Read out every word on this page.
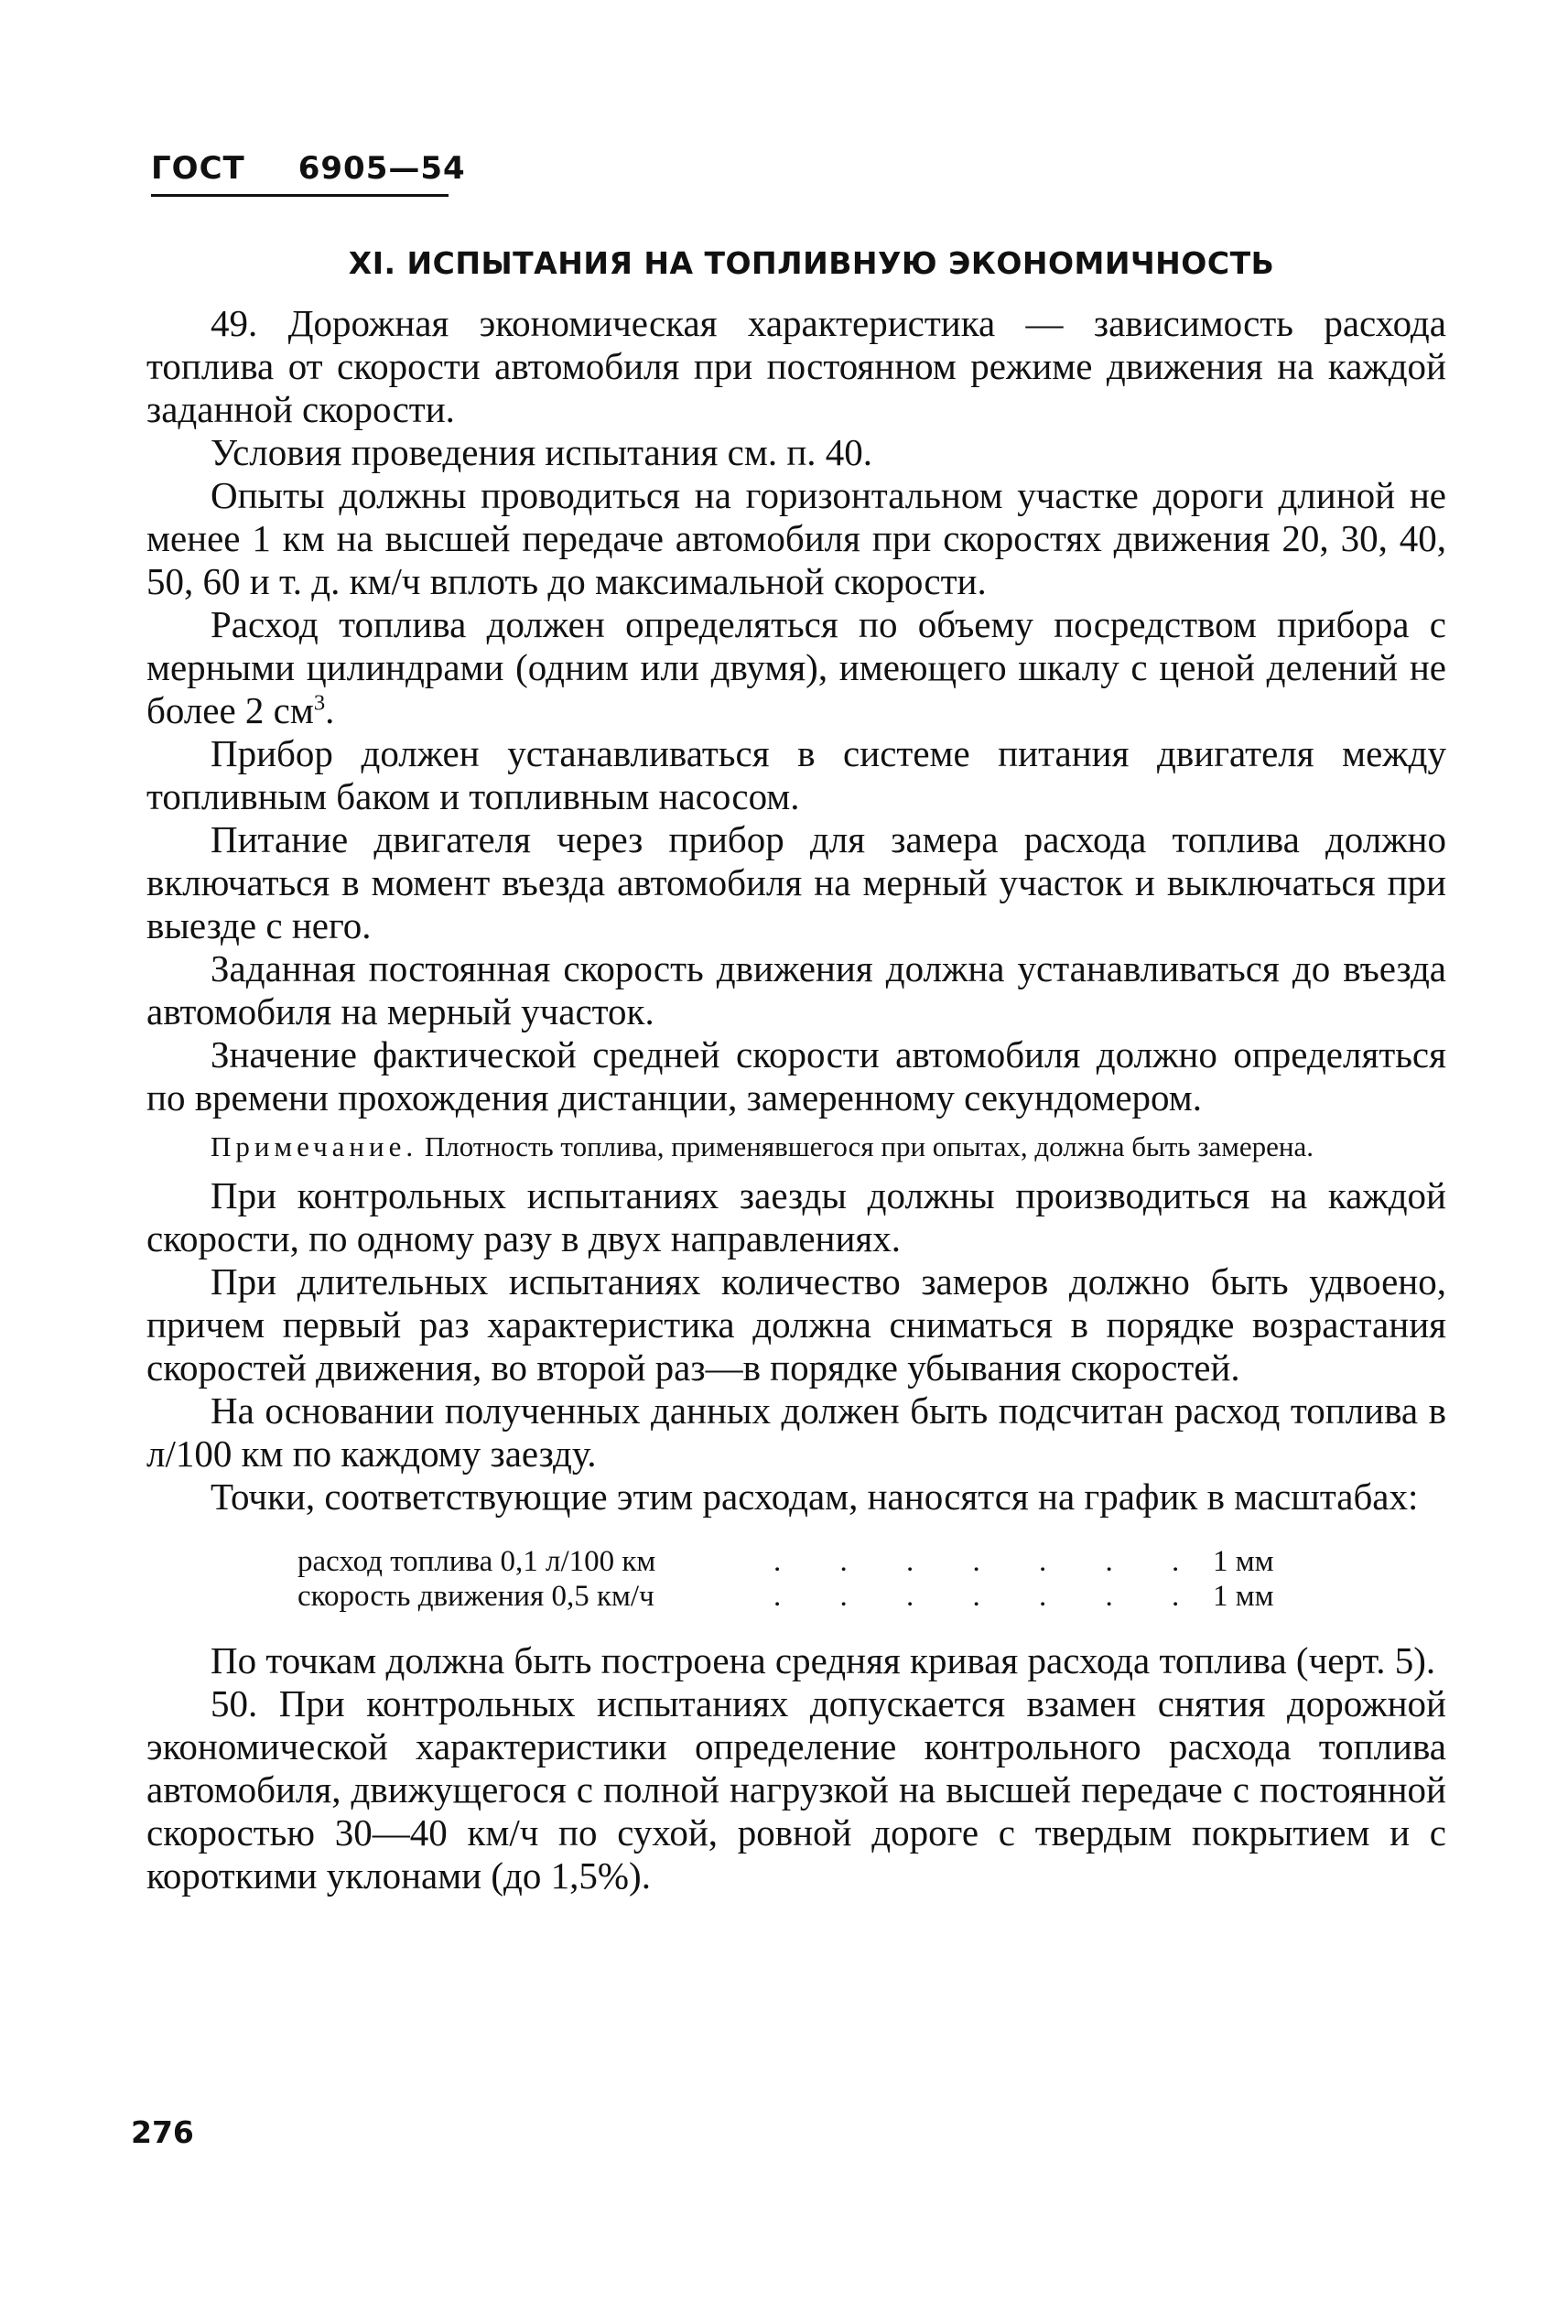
ГОСТ 6905—54
XI. ИСПЫТАНИЯ НА ТОПЛИВНУЮ ЭКОНОМИЧНОСТЬ

49. Дорожная экономическая характеристика — зависимость расхода топлива от скорости автомобиля при постоянном режиме движения на каждой заданной скорости.

Условия проведения испытания см. п. 40.

Опыты должны проводиться на горизонтальном участке дороги длиной не менее 1 км на высшей передаче автомобиля при скоростях движения 20, 30, 40, 50, 60 и т. д. км/ч вплоть до максимальной скорости.

Расход топлива должен определяться по объему посредством прибора с мерными цилиндрами (одним или двумя), имеющего шкалу с ценой делений не более 2 $см^3$.

Прибор должен устанавливаться в системе питания двигателя между топливным баком и топливным насосом.

Питание двигателя через прибор для замера расхода топлива должно включаться в момент въезда автомобиля на мерный участок и выключаться при выезде с него.

Заданная постоянная скорость движения должна устанавливаться до въезда автомобиля на мерный участок.

Значение фактической средней скорости автомобиля должно определяться по времени прохождения дистанции, замеренному секундомером.

Примечание. Плотность топлива, применявшегося при опытах, должна быть замерена.

При контрольных испытаниях заезды должны производиться на каждой скорости, по одному разу в двух направлениях.

При длительных испытаниях количество замеров должно быть удвоено, причем первый раз характеристика должна сниматься в порядке возрастания скоростей движения, во второй раз—в порядке убывания скоростей.

На основании полученных данных должен быть подсчитан расход топлива в л/100 км по каждому заезду.

Точки, соответствующие этим расходам, наносятся на график в масштабах:

расход топлива 0,1 л/100 км	. . . . . . . 1 мм
скорость движения 0,5 км/ч	. . . . . . . 1 мм

По точкам должна быть построена средняя кривая расхода топлива (черт. 5).

50. При контрольных испытаниях допускается взамен снятия дорожной экономической характеристики определение контрольного расхода топлива автомобиля, движущегося с полной нагрузкой на высшей передаче с постоянной скоростью 30—40 км/ч по сухой, ровной дороге с твердым покрытием и с короткими уклонами (до 1,5%).

276
